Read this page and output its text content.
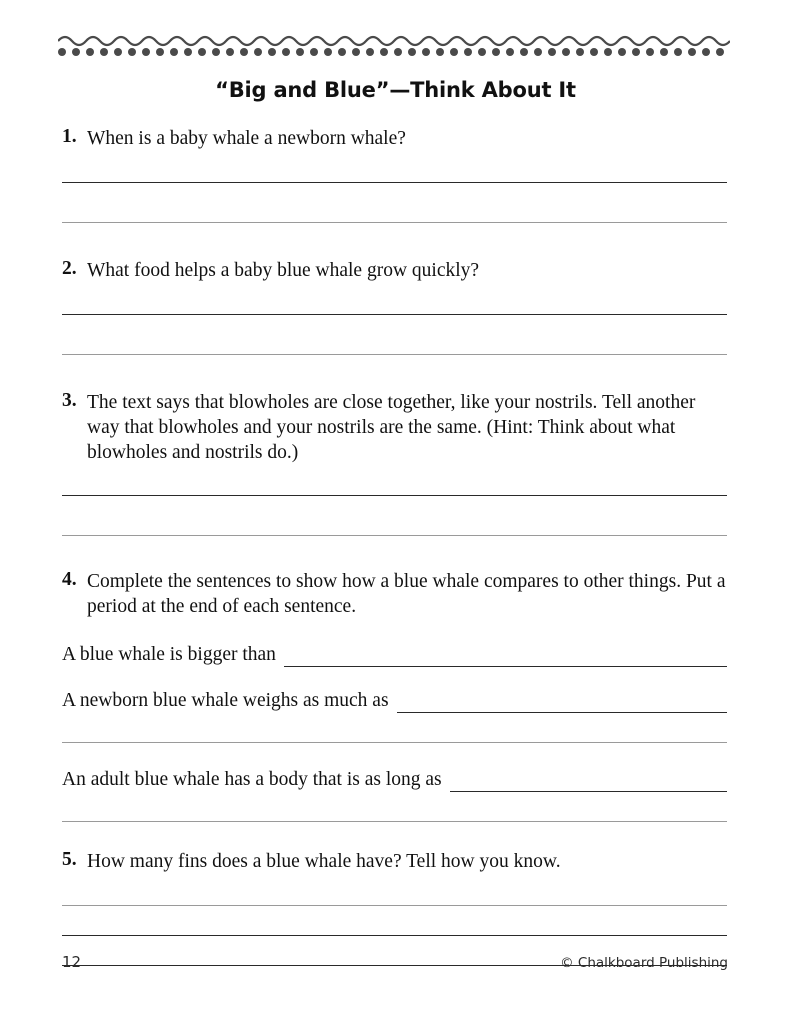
“Big and Blue”—Think About It
1. When is a baby whale a newborn whale?
2. What food helps a baby blue whale grow quickly?
3. The text says that blowholes are close together, like your nostrils. Tell another way that blowholes and your nostrils are the same. (Hint: Think about what blowholes and nostrils do.)
4. Complete the sentences to show how a blue whale compares to other things. Put a period at the end of each sentence.
A blue whale is bigger than
A newborn blue whale weighs as much as
An adult blue whale has a body that is as long as
5. How many fins does a blue whale have? Tell how you know.
12	© Chalkboard Publishing
